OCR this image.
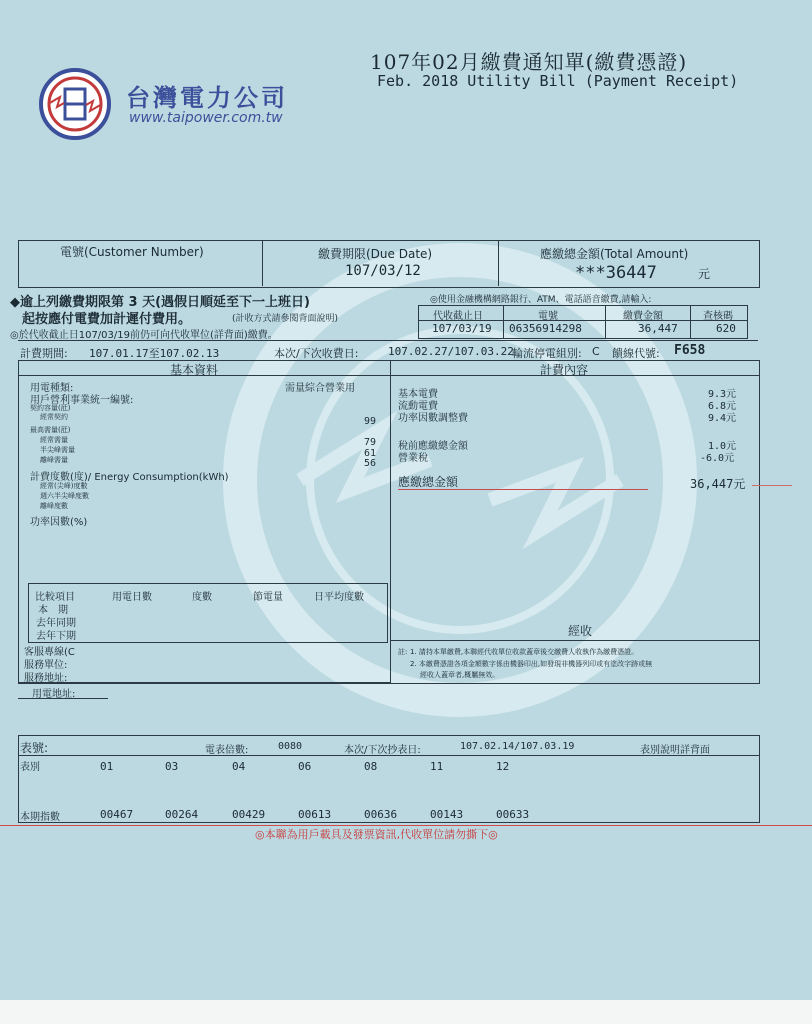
台灣電力公司
www.taipower.com.tw
107年02月繳費通知單(繳費憑證)
Feb. 2018 Utility Bill (Payment Receipt)
電號(Customer Number)	繳費期限(Due Date)
107/03/12
應繳總金額(Total Amount)
***36447	元
◆逾上列繳費期限第 3 天(遇假日順延至下一上班日)
起按應付電費加計遲付費用。	(計收方式請參閱背面說明)
◎於代收截止日107/03/19前仍可向代收單位(詳背面)繳費。
◎使用金融機構網路銀行、ATM、電話語音繳費,請輸入:
代收截止日	電號	繳費金額	查核碼
107/03/19 06356914298	36,447	620
計費期間: 107.01.17至107.02.13	本次/下次收費日:	107.02.27/107.03.22
輪流停電組別: C 饋線代號: F658
基本資料	計費內容
用電種類:	需量綜合營業用
用戶營利事業統一編號:
契約容量(瓩)
經常契約	99
最高需量(瓩)
經常需量	79
半尖峰需量	61
離峰需量	56
計費度數(度)/ Energy Consumption(kWh)
經常(尖峰)度數
週六半尖峰度數
離峰度數
功率因數(%)
基本電費	9.3元
流動電費	6.8元
功率因數調整費	9.4元
稅前應繳總金額	1.0元
營業稅	-6.0元
應繳總金額	36,447元
比較項目	用電日數	度數	節電量	日平均度數
本　期
去年同期
去年下期
客服專線(C
服務單位:
服務地址:
用電地址:
經收
註: 1. 請持本單繳費,本聯經代收單位收款蓋章後交繳費人收執作為繳費憑證。
2. 本繳費憑證各項金額數字係由機器印出,如發現非機器列印或有塗改字跡或無
經收人蓋章者,概屬無效。
表號:	電表倍數:	0080	本次/下次抄表日:	107.02.14/107.03.19	表別說明詳背面
表別	01	03	04	06	08	11	12
本期指數	00467	00264	00429	00613	00636	00143	00633
◎本聯為用戶載具及發票資訊,代收單位請勿撕下◎
